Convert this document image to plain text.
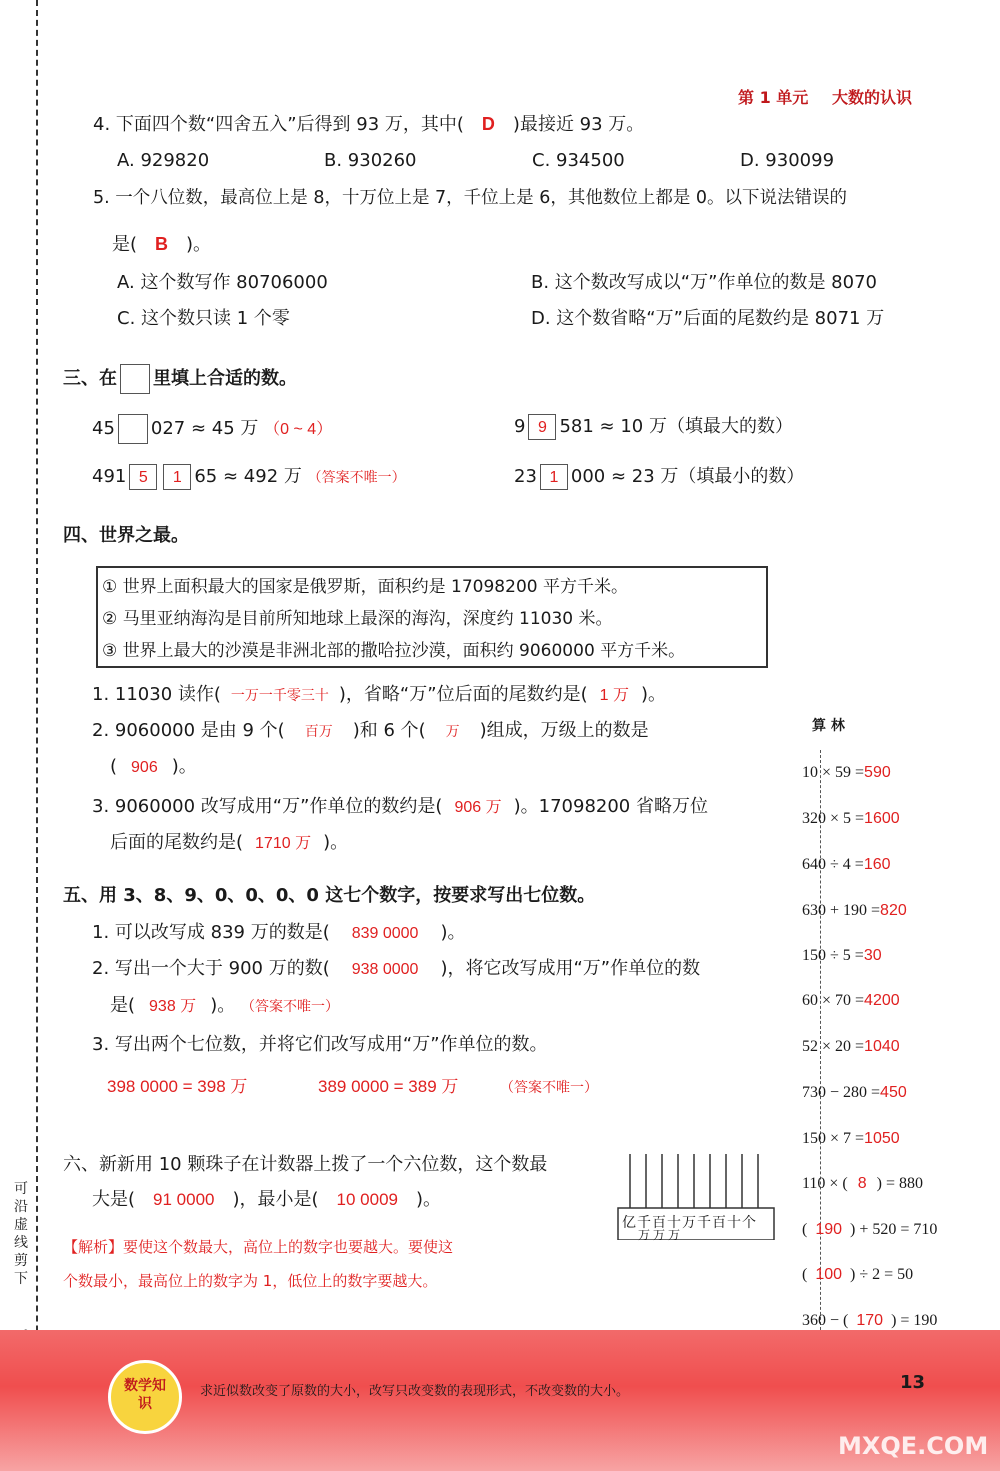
可沿虚线剪下
第 1 单元 大数的认识
4. 下面四个数“四舍五入”后得到 93 万，其中( D )最接近 93 万。
A. 929820	B. 930260	C. 934500	D. 930099
5. 一个八位数，最高位上是 8，十万位上是 7，千位上是 6，其他数位上都是 0。以下说法错误的
是( B )。
A. 这个数写作 80706000	B. 这个数改写成以“万”作单位的数是 8070
C. 这个数只读 1 个零	D. 这个数省略“万”后面的尾数约是 8071 万
三、在 里填上合适的数。
45 027 ≈ 45 万 （0 ~ 4）	9 9 581 ≈ 10 万（填最大的数）
491 5 1 65 ≈ 492 万 （答案不唯一）	23 1 000 ≈ 23 万（填最小的数）
四、世界之最。
① 世界上面积最大的国家是俄罗斯，面积约是 17098200 平方千米。
② 马里亚纳海沟是目前所知地球上最深的海沟，深度约 11030 米。
③ 世界上最大的沙漠是非洲北部的撒哈拉沙漠，面积约 9060000 平方千米。
1. 11030 读作( 一万一千零三十 )，省略“万”位后面的尾数约是( 1 万 )。
2. 9060000 是由 9 个( 百万 )和 6 个( 万 )组成，万级上的数是
( 906 )。
3. 9060000 改写成用“万”作单位的数约是( 906 万 )。17098200 省略万位
后面的尾数约是( 1710 万 )。
五、用 3、8、9、0、0、0、0 这七个数字，按要求写出七位数。
1. 可以改写成 839 万的数是( 839 0000 )。
2. 写出一个大于 900 万的数( 938 0000 )，将它改写成用“万”作单位的数
是( 938 万 )。 （答案不唯一）
3. 写出两个七位数，并将它们改写成用“万”作单位的数。
398 0000 = 398 万	389 0000 = 389 万	（答案不唯一）
六、新新用 10 颗珠子在计数器上拨了一个六位数，这个数最
大是( 91 0000 )，最小是( 10 0009 )。
【解析】要使这个数最大，高位上的数字也要越大。要使这
个数最小，最高位上的数字为 1，低位上的数字要越大。
亿千百十万千百十个
万万万
算 林
10 × 59 =590
320 × 5 =1600
640 ÷ 4 =160
630 + 190 =820
150 ÷ 5 =30
60 × 70 =4200
52 × 20 =1040
730 − 280 =450
150 × 7 =1050
110 × ( 8 ) = 880
( 190 ) + 520 = 710
( 100 ) ÷ 2 = 50
360 − ( 170 ) = 190
数学知识
求近似数改变了原数的大小，改写只改变数的表现形式，不改变数的大小。	13
MXQE.COM
